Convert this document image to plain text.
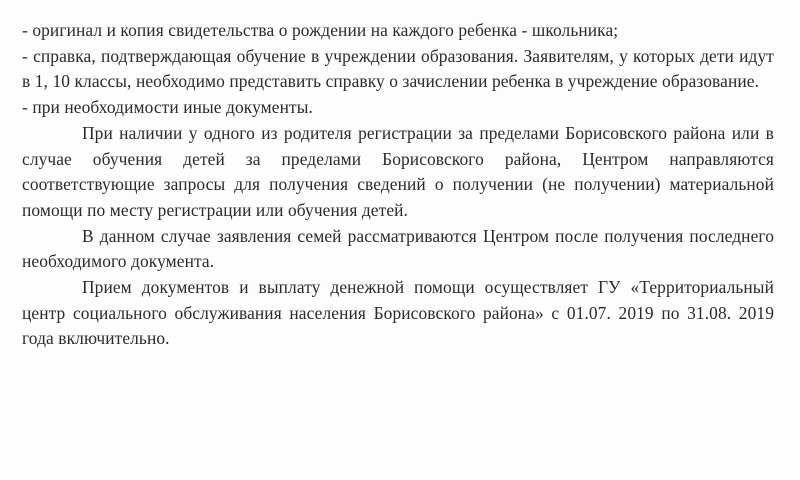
- оригинал и копия свидетельства о рождении на каждого ребенка - школьника;

- справка, подтверждающая обучение в учреждении образования. Заявителям, у которых дети идут в 1, 10 классы, необходимо представить справку о зачислении ребенка в учреждение образование.

- при необходимости иные документы.

При наличии у одного из родителя регистрации за пределами Борисовского района или в случае обучения детей за пределами Борисовского района, Центром направляются соответствующие запросы для получения сведений о получении (не получении) материальной помощи по месту регистрации или обучения детей.

В данном случае заявления семей рассматриваются Центром после получения последнего необходимого документа.

Прием документов и выплату денежной помощи осуществляет ГУ «Территориальный центр социального обслуживания населения Борисовского района» с 01.07. 2019 по 31.08. 2019 года включительно.
